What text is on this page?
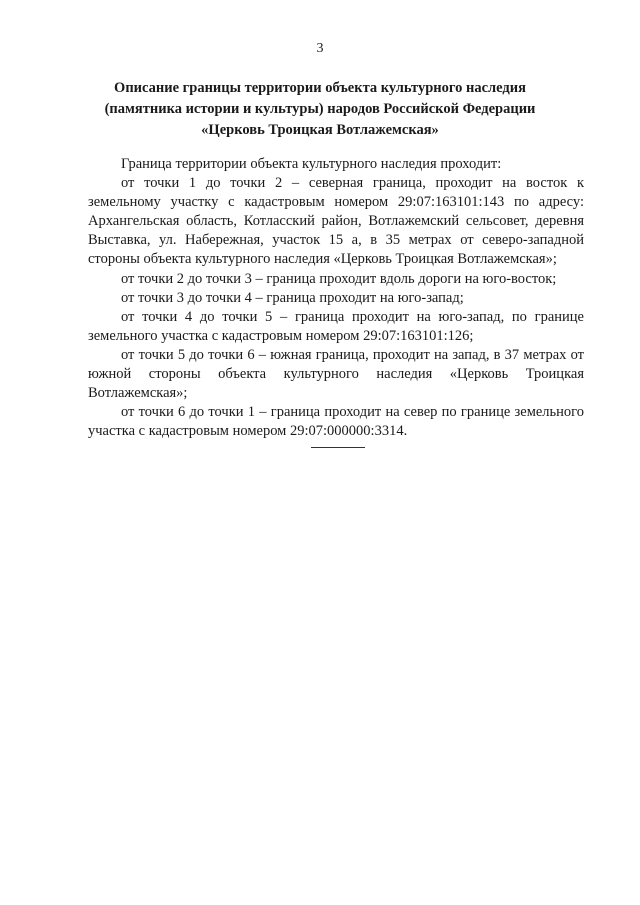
3
Описание границы территории объекта культурного наследия
(памятника истории и культуры) народов Российской Федерации
«Церковь Троицкая Вотлажемская»

Граница территории объекта культурного наследия проходит:

от точки 1 до точки 2 – северная граница, проходит на восток к земельному участку с кадастровым номером 29:07:163101:143 по адресу: Архангельская область, Котласский район, Вотлажемский сельсовет, деревня Выставка, ул. Набережная, участок 15 а, в 35 метрах от северо-западной стороны объекта культурного наследия «Церковь Троицкая Вотлажемская»;

от точки 2 до точки 3 – граница проходит вдоль дороги на юго-восток;

от точки 3 до точки 4 – граница проходит на юго-запад;

от точки 4 до точки 5 – граница проходит на юго-запад, по границе земельного участка с кадастровым номером 29:07:163101:126;

от точки 5 до точки 6 – южная граница, проходит на запад, в 37 метрах от южной стороны объекта культурного наследия «Церковь Троицкая Вотлажемская»;

от точки 6 до точки 1 – граница проходит на север по границе земельного участка с кадастровым номером 29:07:000000:3314.
